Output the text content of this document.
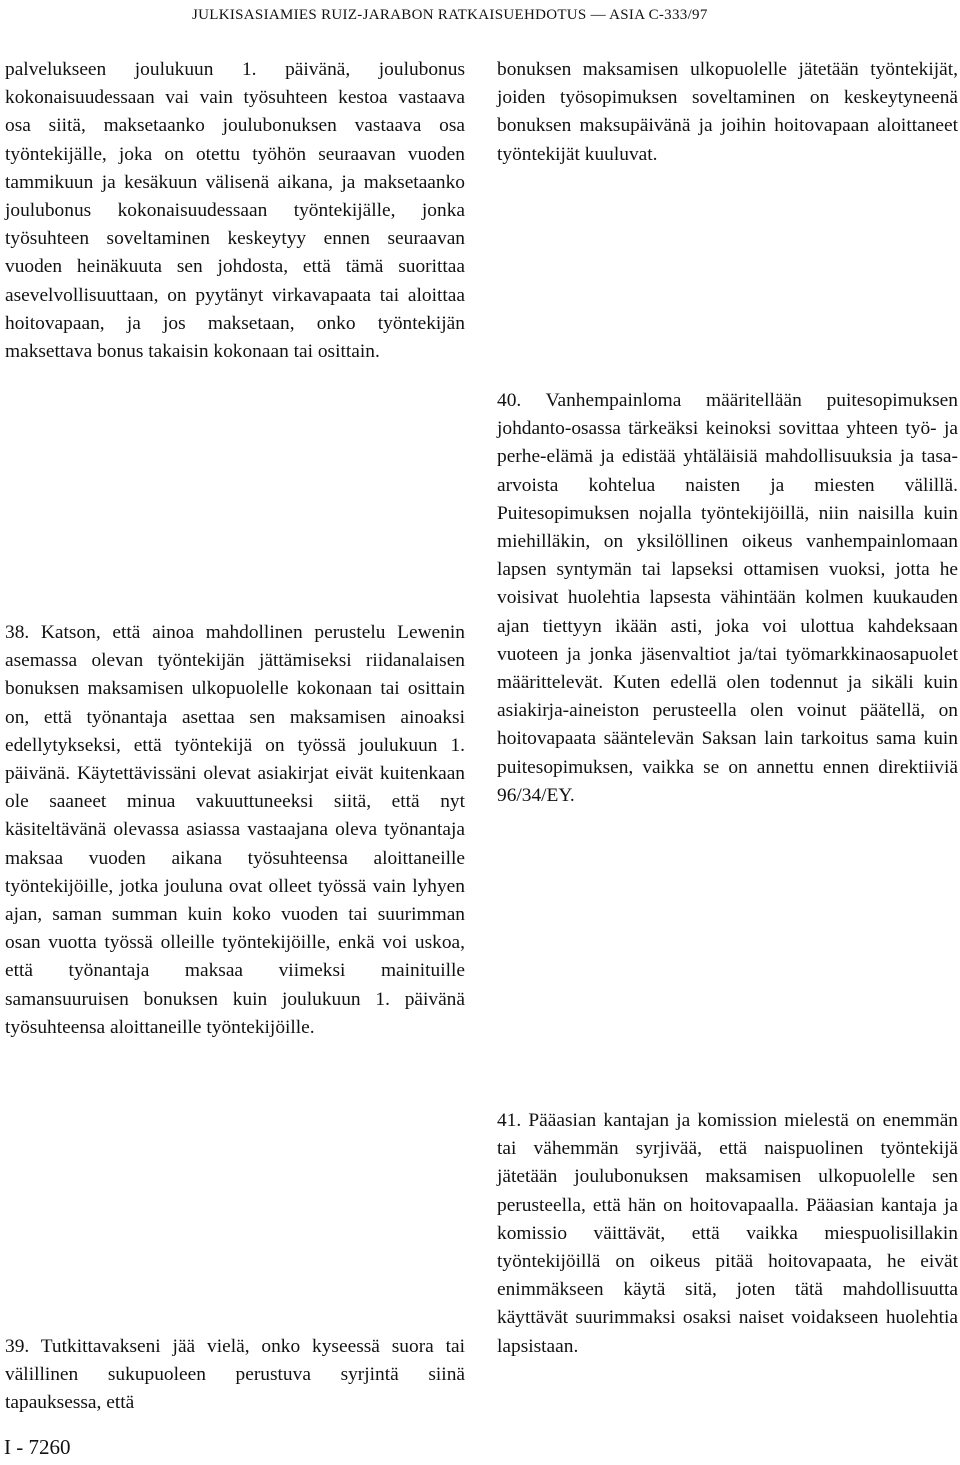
JULKISASIAMIES RUIZ-JARABON RATKAISUEHDOTUS — ASIA C-333/97

palvelukseen joulukuun 1. päivänä, joulubonus kokonaisuudessaan vai vain työsuhteen kestoa vastaava osa siitä, maksetaanko joulubonuksen vastaava osa työntekijälle, joka on otettu työhön seuraavan vuoden tammikuun ja kesäkuun välisenä aikana, ja maksetaanko joulubonus kokonaisuudessaan työntekijälle, jonka työsuhteen soveltaminen keskeytyy ennen seuraavan vuoden heinäkuuta sen johdosta, että tämä suorittaa asevelvollisuuttaan, on pyytänyt virkavapaata tai aloittaa hoitovapaan, ja jos maksetaan, onko työntekijän maksettava bonus takaisin kokonaan tai osittain.

38. Katson, että ainoa mahdollinen perustelu Lewenin asemassa olevan työntekijän jättämiseksi riidanalaisen bonuksen maksamisen ulkopuolelle kokonaan tai osittain on, että työnantaja asettaa sen maksamisen ainoaksi edellytykseksi, että työntekijä on työssä joulukuun 1. päivänä. Käytettävissäni olevat asiakirjat eivät kuitenkaan ole saaneet minua vakuuttuneeksi siitä, että nyt käsiteltävänä olevassa asiassa vastaajana oleva työnantaja maksaa vuoden aikana työsuhteensa aloittaneille työntekijöille, jotka jouluna ovat olleet työssä vain lyhyen ajan, saman summan kuin koko vuoden tai suurimman osan vuotta työssä olleille työntekijöille, enkä voi uskoa, että työnantaja maksaa viimeksi mainituille samansuuruisen bonuksen kuin joulukuun 1. päivänä työsuhteensa aloittaneille työntekijöille.

39. Tutkittavakseni jää vielä, onko kyseessä suora tai välillinen sukupuoleen perustuva syrjintä siinä tapauksessa, että

bonuksen maksamisen ulkopuolelle jätetään työntekijät, joiden työsopimuksen soveltaminen on keskeytyneenä bonuksen maksupäivänä ja joihin hoitovapaan aloittaneet työntekijät kuuluvat.

40. Vanhempainloma määritellään puitesopimuksen johdanto-osassa tärkeäksi keinoksi sovittaa yhteen työ- ja perhe-elämä ja edistää yhtäläisiä mahdollisuuksia ja tasa-arvoista kohtelua naisten ja miesten välillä. Puitesopimuksen nojalla työntekijöillä, niin naisilla kuin miehilläkin, on yksilöllinen oikeus vanhempainlomaan lapsen syntymän tai lapseksi ottamisen vuoksi, jotta he voisivat huolehtia lapsesta vähintään kolmen kuukauden ajan tiettyyn ikään asti, joka voi ulottua kahdeksaan vuoteen ja jonka jäsenvaltiot ja/tai työmarkkinaosapuolet määrittelevät. Kuten edellä olen todennut ja sikäli kuin asiakirja-aineiston perusteella olen voinut päätellä, on hoitovapaata sääntelevän Saksan lain tarkoitus sama kuin puitesopimuksen, vaikka se on annettu ennen direktiiviä 96/34/EY.

41. Pääasian kantajan ja komission mielestä on enemmän tai vähemmän syrjivää, että naispuolinen työntekijä jätetään joulubonuksen maksamisen ulkopuolelle sen perusteella, että hän on hoitovapaalla. Pääasian kantaja ja komissio väittävät, että vaikka miespuolisillakin työntekijöillä on oikeus pitää hoitovapaata, he eivät enimmäkseen käytä sitä, joten tätä mahdollisuutta käyttävät suurimmaksi osaksi naiset voidakseen huolehtia lapsistaan.

I - 7260
